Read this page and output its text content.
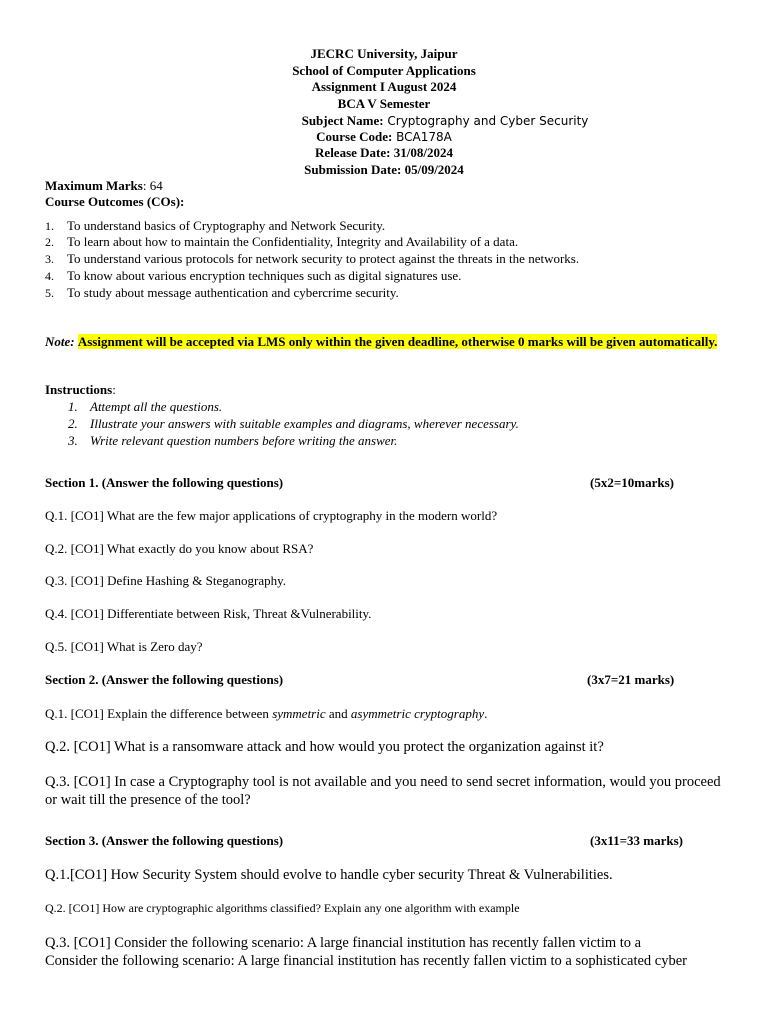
JECRC University, Jaipur
School of Computer Applications
Assignment I August 2024
BCA V Semester
Subject Name: Cryptography and Cyber Security
Course Code: BCA178A
Release Date: 31/08/2024
Submission Date: 05/09/2024
Maximum Marks: 64
Course Outcomes (COs):
1. To understand basics of Cryptography and Network Security.
2. To learn about how to maintain the Confidentiality, Integrity and Availability of a data.
3. To understand various protocols for network security to protect against the threats in the networks.
4. To know about various encryption techniques such as digital signatures use.
5. To study about message authentication and cybercrime security.
Note: Assignment will be accepted via LMS only within the given deadline, otherwise 0 marks will be given automatically.
Instructions:
1. Attempt all the questions.
2. Illustrate your answers with suitable examples and diagrams, wherever necessary.
3. Write relevant question numbers before writing the answer.
Section 1. (Answer the following questions)	(5x2=10marks)
Q.1. [CO1] What are the few major applications of cryptography in the modern world?
Q.2. [CO1] What exactly do you know about RSA?
Q.3. [CO1] Define Hashing & Steganography.
Q.4. [CO1] Differentiate between Risk, Threat &Vulnerability.
Q.5. [CO1] What is Zero day?
Section 2. (Answer the following questions)	(3x7=21 marks)
Q.1. [CO1] Explain the difference between symmetric and asymmetric cryptography.
Q.2. [CO1] What is a ransomware attack and how would you protect the organization against it?
Q.3. [CO1] In case a Cryptography tool is not available and you need to send secret information, would you proceed or wait till the presence of the tool?
Section 3. (Answer the following questions)	(3x11=33 marks)
Q.1.[CO1] How Security System should evolve to handle cyber security Threat & Vulnerabilities.
Q.2. [CO1] How are cryptographic algorithms classified? Explain any one algorithm with example
Q.3. [CO1] Consider the following scenario: A large financial institution has recently fallen victim to a
Consider the following scenario: A large financial institution has recently fallen victim to a sophisticated cyber
